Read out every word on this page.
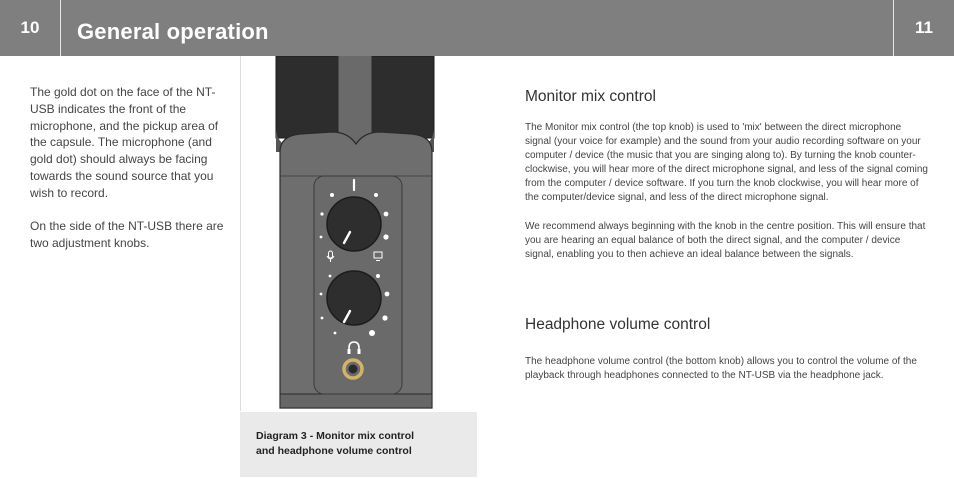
10	General operation	11

The gold dot on the face of the NT-USB indicates the front of the microphone, and the pickup area of the capsule. The microphone (and gold dot) should always be facing towards the sound source that you wish to record.

On the side of the NT-USB there are two adjustment knobs.

Diagram 3 - Monitor mix control
and headphone volume control
Monitor mix control

The Monitor mix control (the top knob) is used to 'mix' between the direct microphone signal (your voice for example) and the sound from your audio recording software on your computer / device (the music that you are singing along to). By turning the knob counter-clockwise, you will hear more of the direct microphone signal, and less of the signal coming from the computer / device software. If you turn the knob clockwise, you will hear more of the computer/device signal, and less of the direct microphone signal.

We recommend always beginning with the knob in the centre position. This will ensure that you are hearing an equal balance of both the direct signal, and the computer / device signal, enabling you to then achieve an ideal balance between the signals.

Headphone volume control

The headphone volume control (the bottom knob) allows you to control the volume of the playback through headphones connected to the NT-USB via the headphone jack.
